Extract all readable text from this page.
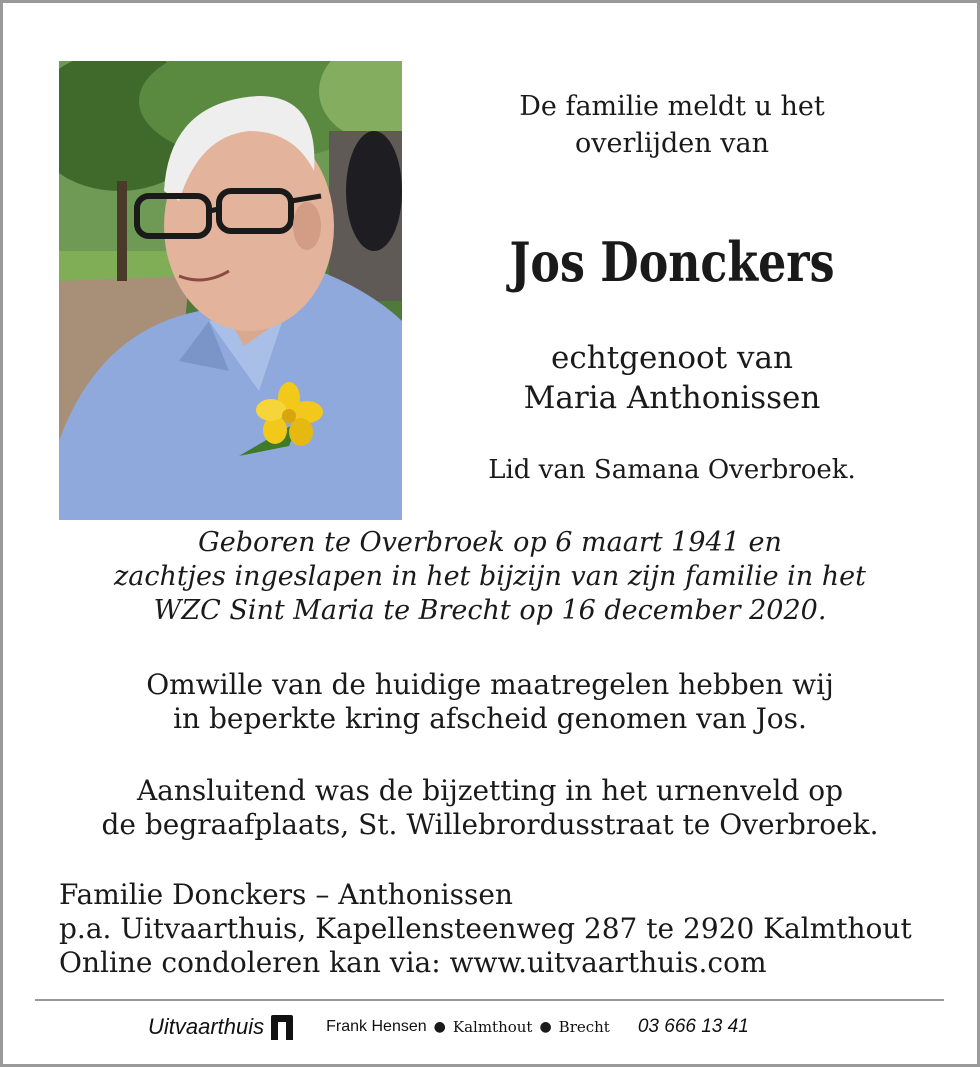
De familie meldt u het
overlijden van
Jos Donckers
echtgenoot van
Maria Anthonissen
Lid van Samana Overbroek.
Geboren te Overbroek op 6 maart 1941 en
zachtjes ingeslapen in het bijzijn van zijn familie in het
WZC Sint Maria te Brecht op 16 december 2020.
Omwille van de huidige maatregelen hebben wij
in beperkte kring afscheid genomen van Jos.
Aansluitend was de bijzetting in het urnenveld op
de begraafplaats, St. Willebrordusstraat te Overbroek.
Familie Donckers – Anthonissen
p.a. Uitvaarthuis, Kapellensteenweg 287 te 2920 Kalmthout
Online condoleren kan via: www.uitvaarthuis.com
Uitvaarthuis	Frank Hensen ● Kalmthout ● Brecht 03 666 13 41
